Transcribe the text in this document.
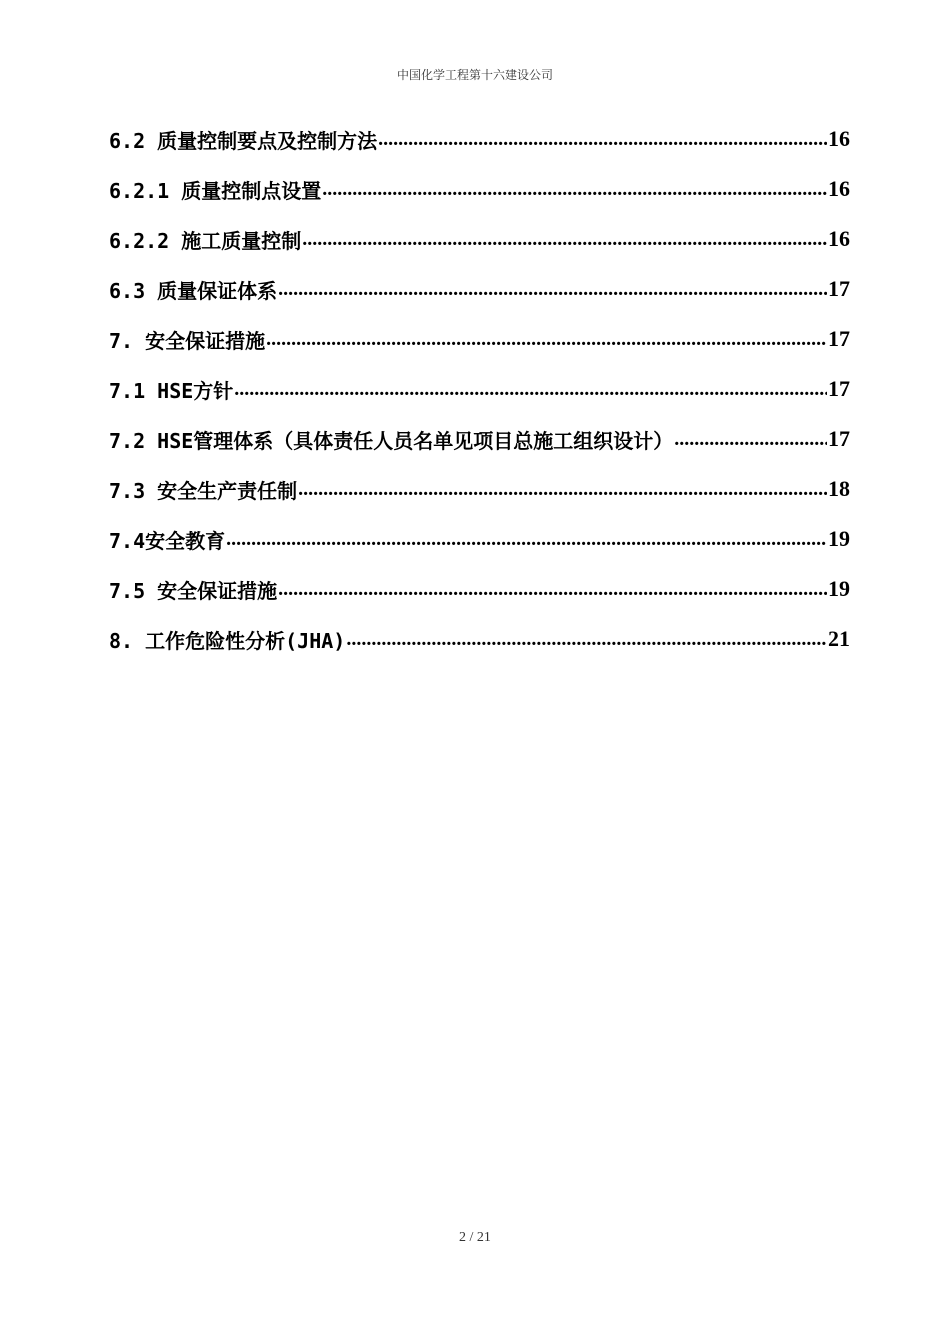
中国化学工程第十六建设公司
6.2 质量控制要点及控制方法 .....	16
6.2.1 质量控制点设置 .....	16
6.2.2 施工质量控制 .....	16
6.3 质量保证体系 .....	17
7. 安全保证措施 .....	17
7.1 HSE方针 .....	17
7.2 HSE管理体系（具体责任人员名单见项目总施工组织设计） .....	17
7.3 安全生产责任制 .....	18
7.4安全教育 .....	19
7.5 安全保证措施 .....	19
8. 工作危险性分析(JHA) .....	21
2 / 21
